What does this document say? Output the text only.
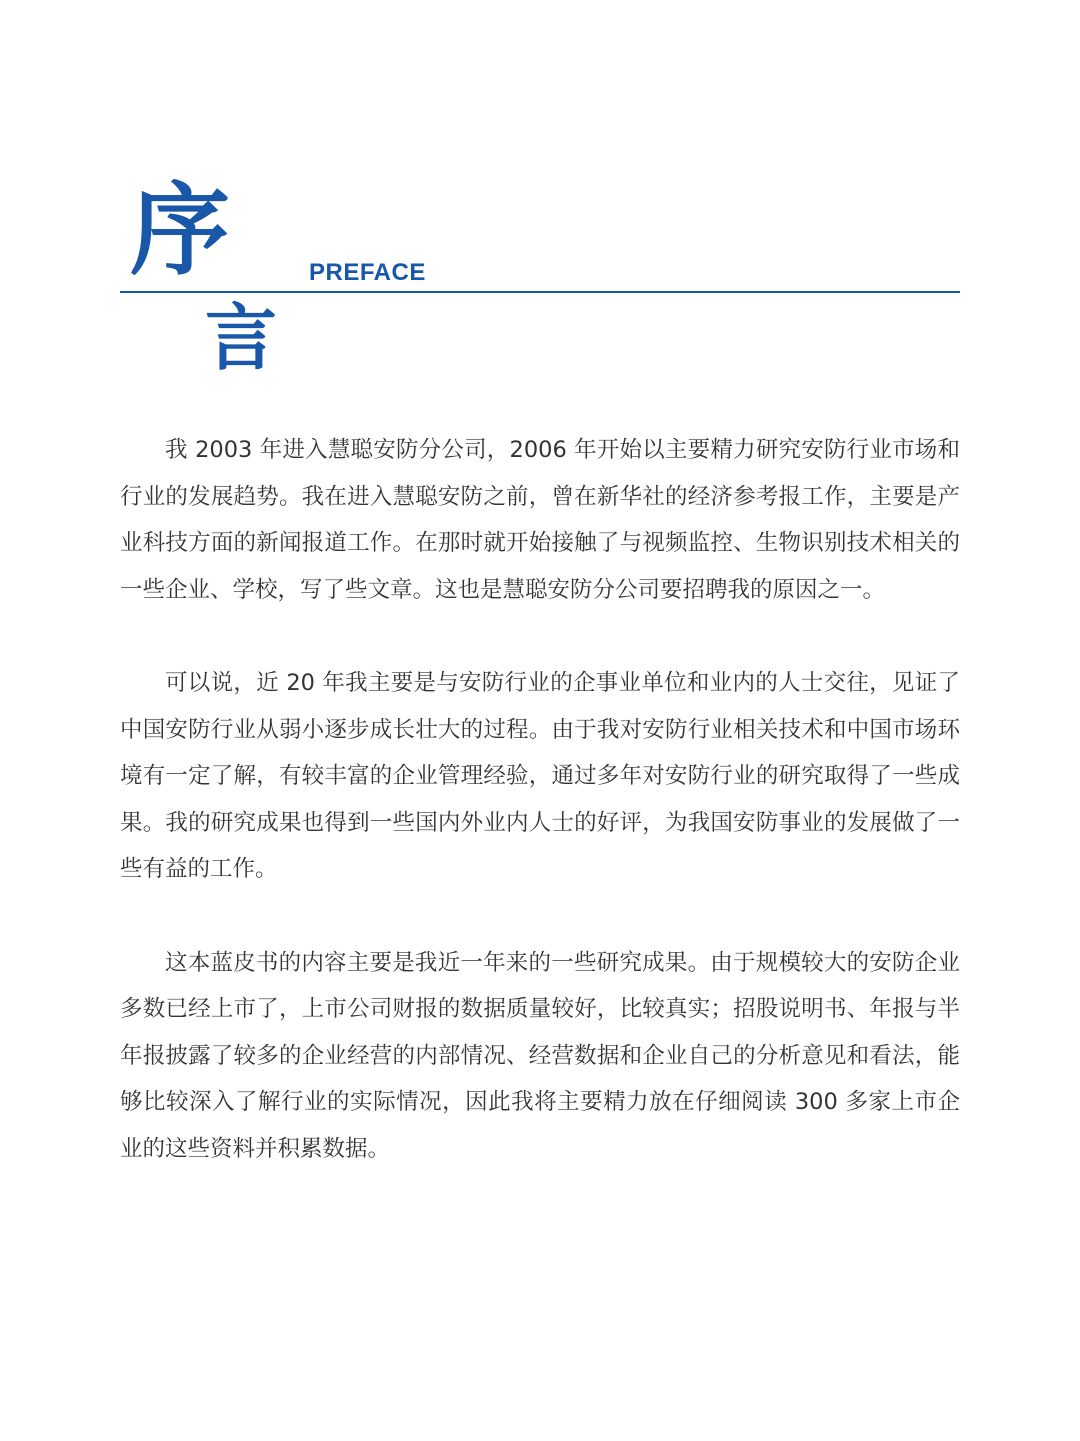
序	PREFACE
言

我 2003 年进入慧聪安防分公司，2006 年开始以主要精力研究安防行业市场和行业的发展趋势。我在进入慧聪安防之前，曾在新华社的经济参考报工作，主要是产业科技方面的新闻报道工作。在那时就开始接触了与视频监控、生物识别技术相关的一些企业、学校，写了些文章。这也是慧聪安防分公司要招聘我的原因之一。

可以说，近 20 年我主要是与安防行业的企事业单位和业内的人士交往，见证了中国安防行业从弱小逐步成长壮大的过程。由于我对安防行业相关技术和中国市场环境有一定了解，有较丰富的企业管理经验，通过多年对安防行业的研究取得了一些成果。我的研究成果也得到一些国内外业内人士的好评，为我国安防事业的发展做了一些有益的工作。

这本蓝皮书的内容主要是我近一年来的一些研究成果。由于规模较大的安防企业多数已经上市了，上市公司财报的数据质量较好，比较真实；招股说明书、年报与半年报披露了较多的企业经营的内部情况、经营数据和企业自己的分析意见和看法，能够比较深入了解行业的实际情况，因此我将主要精力放在仔细阅读 300 多家上市企业的这些资料并积累数据。
